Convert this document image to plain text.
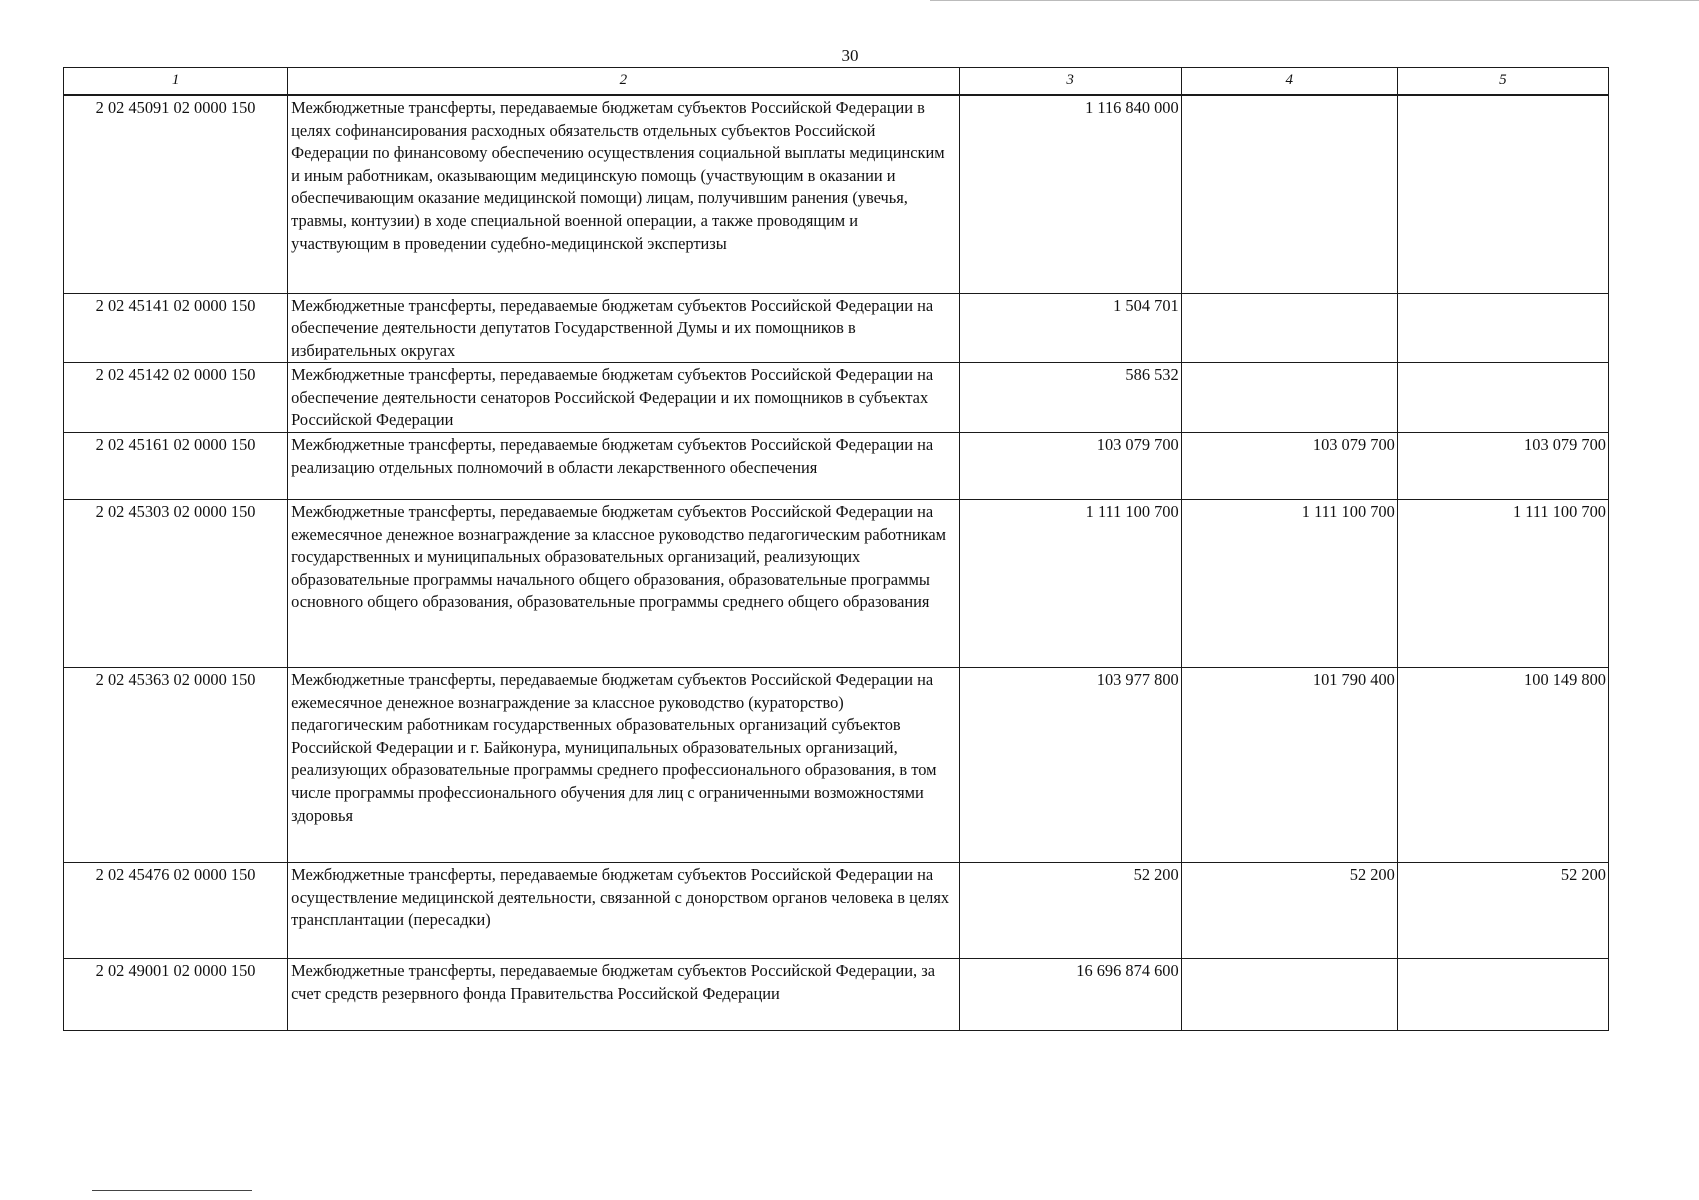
30
1	2	3	4	5
2 02 45091 02 0000 150	Межбюджетные трансферты, передаваемые бюджетам субъектов Российской Федерации в целях софинансирования расходных обязательств отдельных субъектов Российской Федерации по финансовому обеспечению осуществления социальной выплаты медицинским и иным работникам, оказывающим медицинскую помощь (участвующим в оказании и обеспечивающим оказание медицинской помощи) лицам, получившим ранения (увечья, травмы, контузии) в ходе специальной военной операции, а также проводящим и участвующим в проведении судебно-медицинской экспертизы	1 116 840 000		
2 02 45141 02 0000 150	Межбюджетные трансферты, передаваемые бюджетам субъектов Российской Федерации на обеспечение деятельности депутатов Государственной Думы и их помощников в избирательных округах	1 504 701		
2 02 45142 02 0000 150	Межбюджетные трансферты, передаваемые бюджетам субъектов Российской Федерации на обеспечение деятельности сенаторов Российской Федерации и их помощников в субъектах Российской Федерации	586 532		
2 02 45161 02 0000 150	Межбюджетные трансферты, передаваемые бюджетам субъектов Российской Федерации на реализацию отдельных полномочий в области лекарственного обеспечения	103 079 700	103 079 700	103 079 700
2 02 45303 02 0000 150	Межбюджетные трансферты, передаваемые бюджетам субъектов Российской Федерации на ежемесячное денежное вознаграждение за классное руководство педагогическим работникам государственных и муниципальных образовательных организаций, реализующих образовательные программы начального общего образования, образовательные программы основного общего образования, образовательные программы среднего общего образования	1 111 100 700	1 111 100 700	1 111 100 700
2 02 45363 02 0000 150	Межбюджетные трансферты, передаваемые бюджетам субъектов Российской Федерации на ежемесячное денежное вознаграждение за классное руководство (кураторство) педагогическим работникам государственных образовательных организаций субъектов Российской Федерации и г. Байконура, муниципальных образовательных организаций, реализующих образовательные программы среднего профессионального образования, в том числе программы профессионального обучения для лиц с ограниченными возможностями здоровья	103 977 800	101 790 400	100 149 800
2 02 45476 02 0000 150	Межбюджетные трансферты, передаваемые бюджетам субъектов Российской Федерации на осуществление медицинской деятельности, связанной с донорством органов человека в целях трансплантации (пересадки)	52 200	52 200	52 200
2 02 49001 02 0000 150	Межбюджетные трансферты, передаваемые бюджетам субъектов Российской Федерации, за счет средств резервного фонда Правительства Российской Федерации	16 696 874 600		
